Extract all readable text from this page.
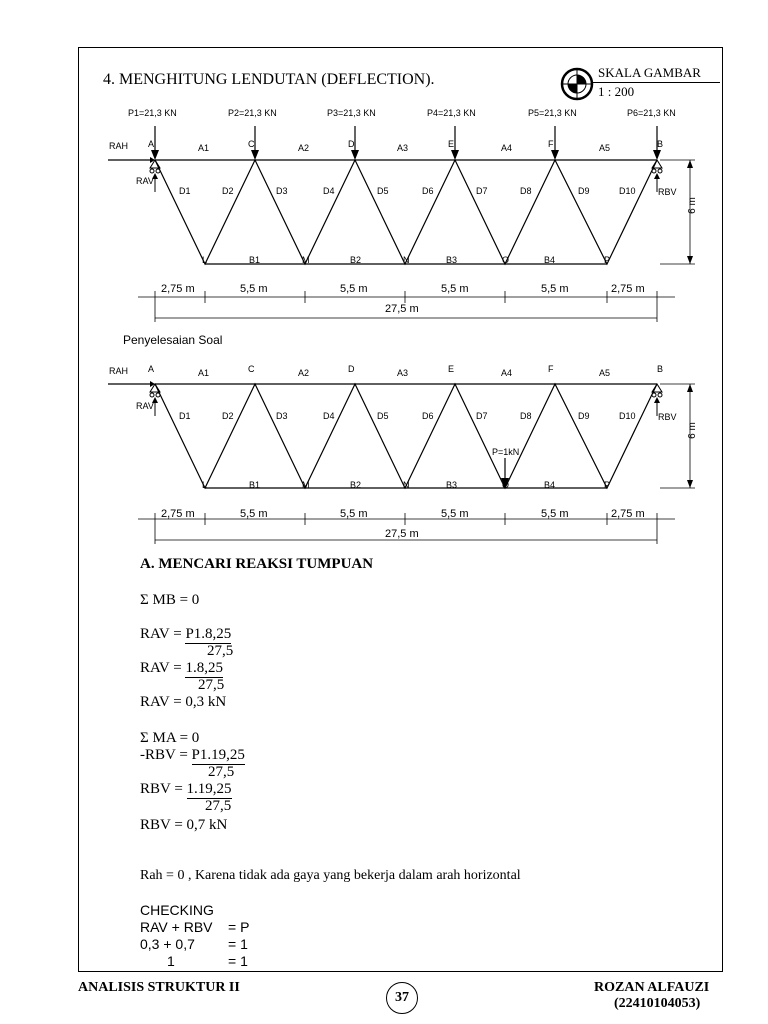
4. MENGHITUNG LENDUTAN (DEFLECTION).	SKALA GAMBAR
1 : 200
A	C	D	E	F	B
L	M	N	O	P
A1	A2	A3	A4	A5
B1	B2	B3	B4
D1	D2	D3	D4	D5	D6	D7	D8	D9	D10
RAH
RAV
RBV
6 m
2,75 m	5,5 m	5,5 m	5,5 m	5,5 m	2,75 m
27,5 m
P1=21,3 KN	P2=21,3 KN	P3=21,3 KN	P4=21,3 KN	P5=21,3 KN	P6=21,3 KN
Penyelesaian Soal
A	C	D	E	F	B
L	M	N	O	P
A1	A2	A3	A4	A5
B1	B2	B3	B4
D1	D2	D3	D4	D5	D6	D7	D8	D9	D10
RAH
RAV
RBV
6 m
2,75 m	5,5 m	5,5 m	5,5 m	5,5 m	2,75 m
27,5 m
P=1kN
A. MENCARI REAKSI TUMPUAN
Σ MB = 0
RAV = P1.8,25
27,5
RAV = 1.8,25
27,5
RAV = 0,3 kN
Σ MA = 0
-RBV = P1.19,25
27,5
RBV = 1.19,25
27,5
RBV = 0,7 kN
Rah = 0 , Karena tidak ada gaya yang bekerja dalam arah horizontal
CHECKING
RAV + RBV = P
0,3 + 0,7 = 1
1	= 1
ANALISIS STRUKTUR II
37
ROZAN ALFAUZI
(22410104053)
